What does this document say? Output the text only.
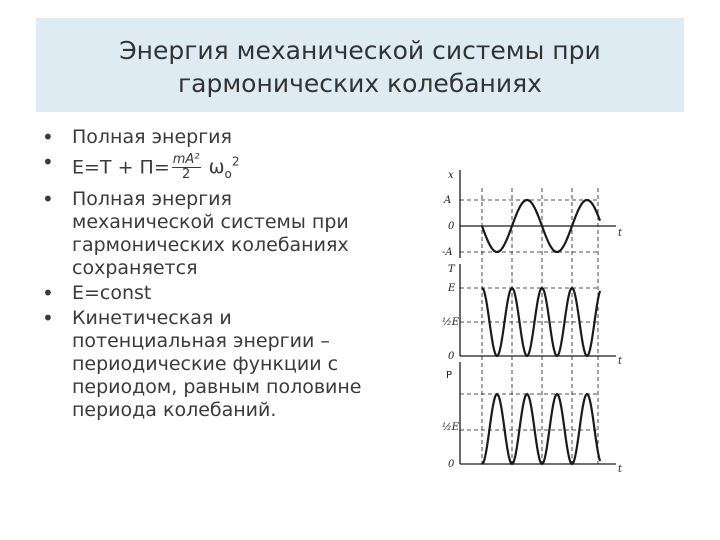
Энергия механической системы при
гармонических колебаниях
• Полная энергия
• $E=T + П= \frac{\text{mA²}}{2} \omega_o^2$
• Полная энергия механической системы при гармонических колебаниях сохраняется
• E=const
• Кинетическая и потенциальная энергии – периодические функции с периодом, равным половине периода колебаний.
x
A
0
-A
t
T
E
½E
0	t
P
½E
0	t
